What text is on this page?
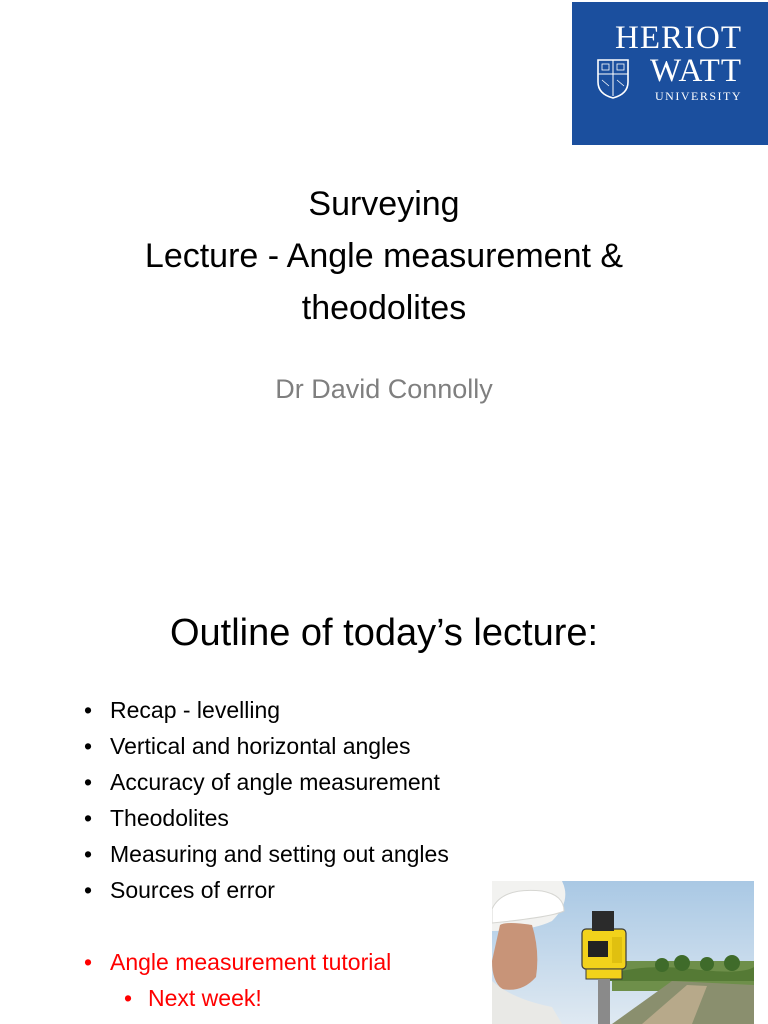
HERIOT
WATT
UNIVERSITY
Surveying
Lecture - Angle measurement &
theodolites
Dr David Connolly
Outline of today’s lecture:
• Recap - levelling
• Vertical and horizontal angles
• Accuracy of angle measurement
• Theodolites
• Measuring and setting out angles
• Sources of error
• Angle measurement tutorial
• Next week!
